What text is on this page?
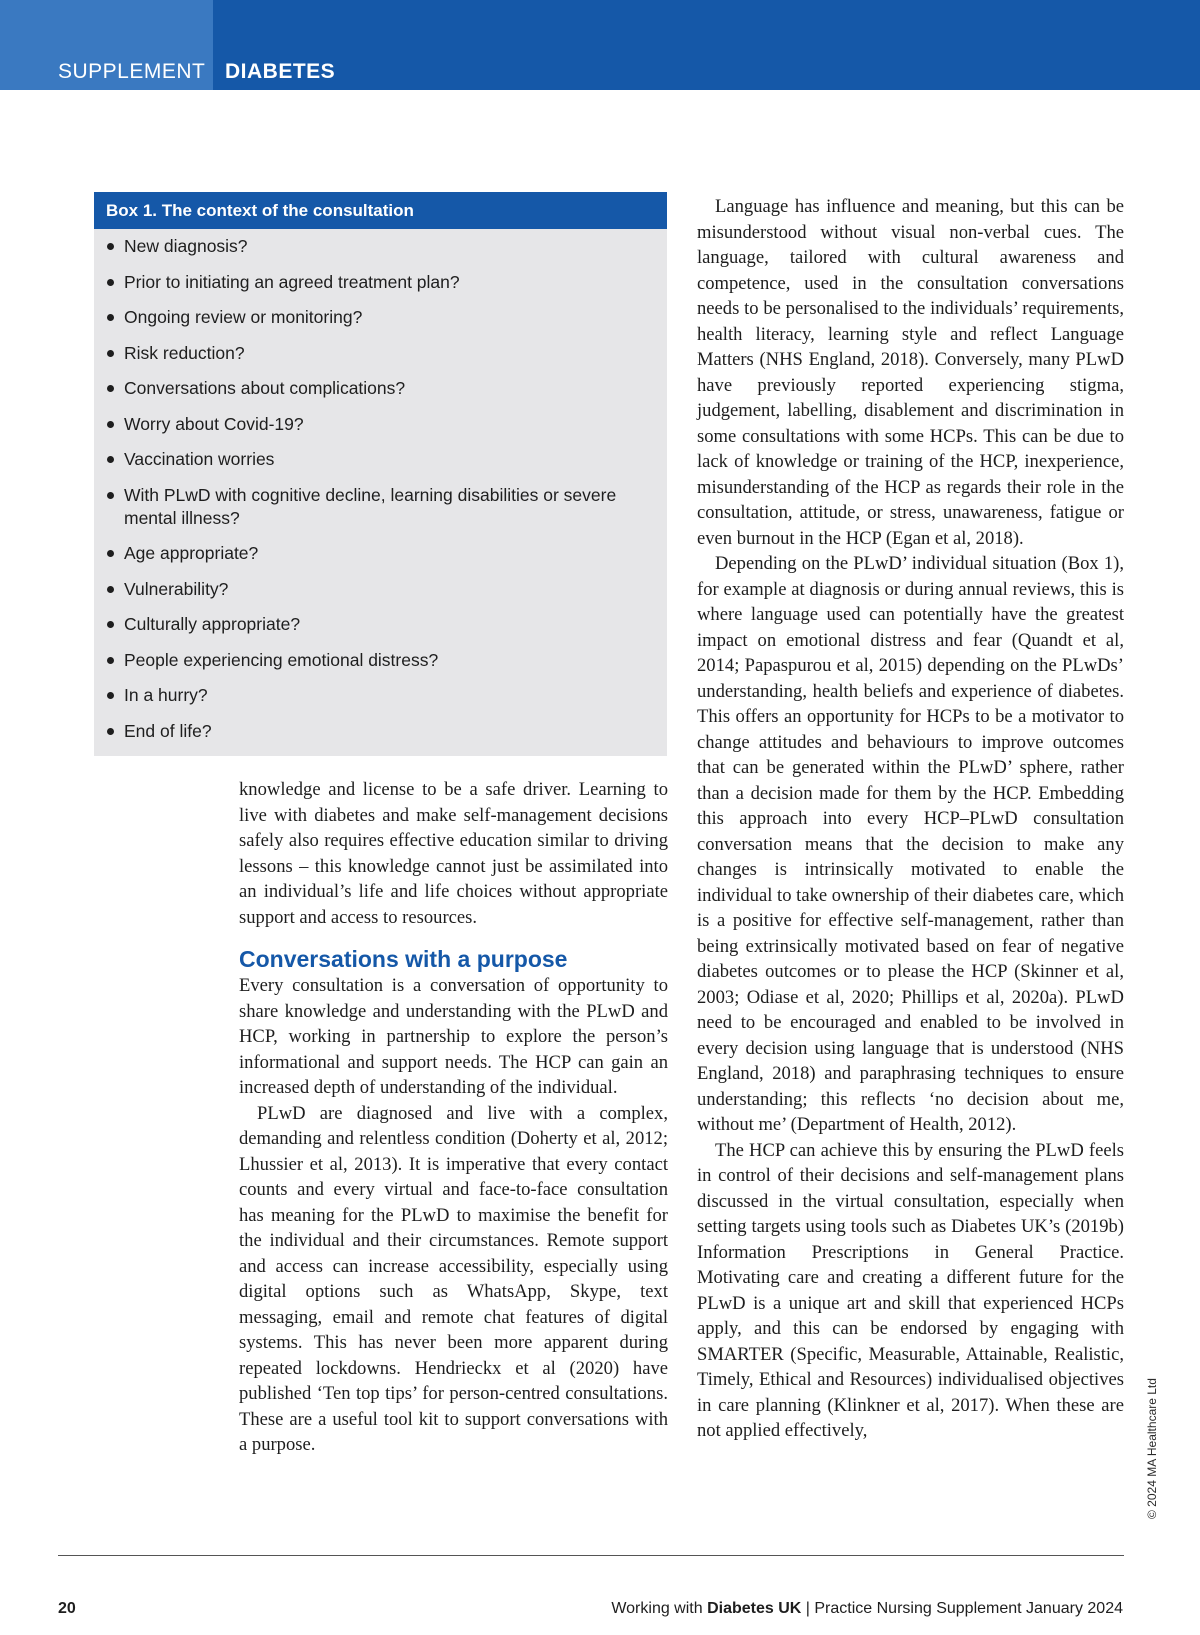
SUPPLEMENT DIABETES
Box 1. The context of the consultation
New diagnosis?
Prior to initiating an agreed treatment plan?
Ongoing review or monitoring?
Risk reduction?
Conversations about complications?
Worry about Covid-19?
Vaccination worries
With PLwD with cognitive decline, learning disabilities or severe mental illness?
Age appropriate?
Vulnerability?
Culturally appropriate?
People experiencing emotional distress?
In a hurry?
End of life?

knowledge and license to be a safe driver. Learning to live with diabetes and make self-management decisions safely also requires effective education similar to driving lessons – this knowledge cannot just be assimilated into an individual’s life and life choices without appropriate support and access to resources.

Conversations with a purpose

Every consultation is a conversation of opportunity to share knowledge and understanding with the PLwD and HCP, working in partnership to explore the person’s informational and support needs. The HCP can gain an increased depth of understanding of the individual.

PLwD are diagnosed and live with a complex, demanding and relentless condition (Doherty et al, 2012; Lhussier et al, 2013). It is imperative that every contact counts and every virtual and face-to-face consultation has meaning for the PLwD to maximise the benefit for the individual and their circumstances. Remote support and access can increase accessibility, especially using digital options such as WhatsApp, Skype, text messaging, email and remote chat features of digital systems. This has never been more apparent during repeated lockdowns. Hendrieckx et al (2020) have published ‘Ten top tips’ for person-centred consultations. These are a useful tool kit to support conversations with a purpose.

Language has influence and meaning, but this can be misunderstood without visual non-verbal cues. The language, tailored with cultural awareness and competence, used in the consultation conversations needs to be personalised to the individuals’ requirements, health literacy, learning style and reflect Language Matters (NHS England, 2018). Conversely, many PLwD have previously reported experiencing stigma, judgement, labelling, disablement and discrimination in some consultations with some HCPs. This can be due to lack of knowledge or training of the HCP, inexperience, misunderstanding of the HCP as regards their role in the consultation, attitude, or stress, unawareness, fatigue or even burnout in the HCP (Egan et al, 2018).

Depending on the PLwD’ individual situation (Box 1), for example at diagnosis or during annual reviews, this is where language used can potentially have the greatest impact on emotional distress and fear (Quandt et al, 2014; Papaspurou et al, 2015) depending on the PLwDs’ understanding, health beliefs and experience of diabetes. This offers an opportunity for HCPs to be a motivator to change attitudes and behaviours to improve outcomes that can be generated within the PLwD’ sphere, rather than a decision made for them by the HCP. Embedding this approach into every HCP–PLwD consultation conversation means that the decision to make any changes is intrinsically motivated to enable the individual to take ownership of their diabetes care, which is a positive for effective self-management, rather than being extrinsically motivated based on fear of negative diabetes outcomes or to please the HCP (Skinner et al, 2003; Odiase et al, 2020; Phillips et al, 2020a). PLwD need to be encouraged and enabled to be involved in every decision using language that is understood (NHS England, 2018) and paraphrasing techniques to ensure understanding; this reflects ‘no decision about me, without me’ (Department of Health, 2012).

The HCP can achieve this by ensuring the PLwD feels in control of their decisions and self-management plans discussed in the virtual consultation, especially when setting targets using tools such as Diabetes UK’s (2019b) Information Prescriptions in General Practice. Motivating care and creating a different future for the PLwD is a unique art and skill that experienced HCPs apply, and this can be endorsed by engaging with SMARTER (Specific, Measurable, Attainable, Realistic, Timely, Ethical and Resources) individualised objectives in care planning (Klinkner et al, 2017). When these are not applied effectively,	© 2024 MA Healthcare Ltd
20	Working with Diabetes UK | Practice Nursing Supplement January 2024
